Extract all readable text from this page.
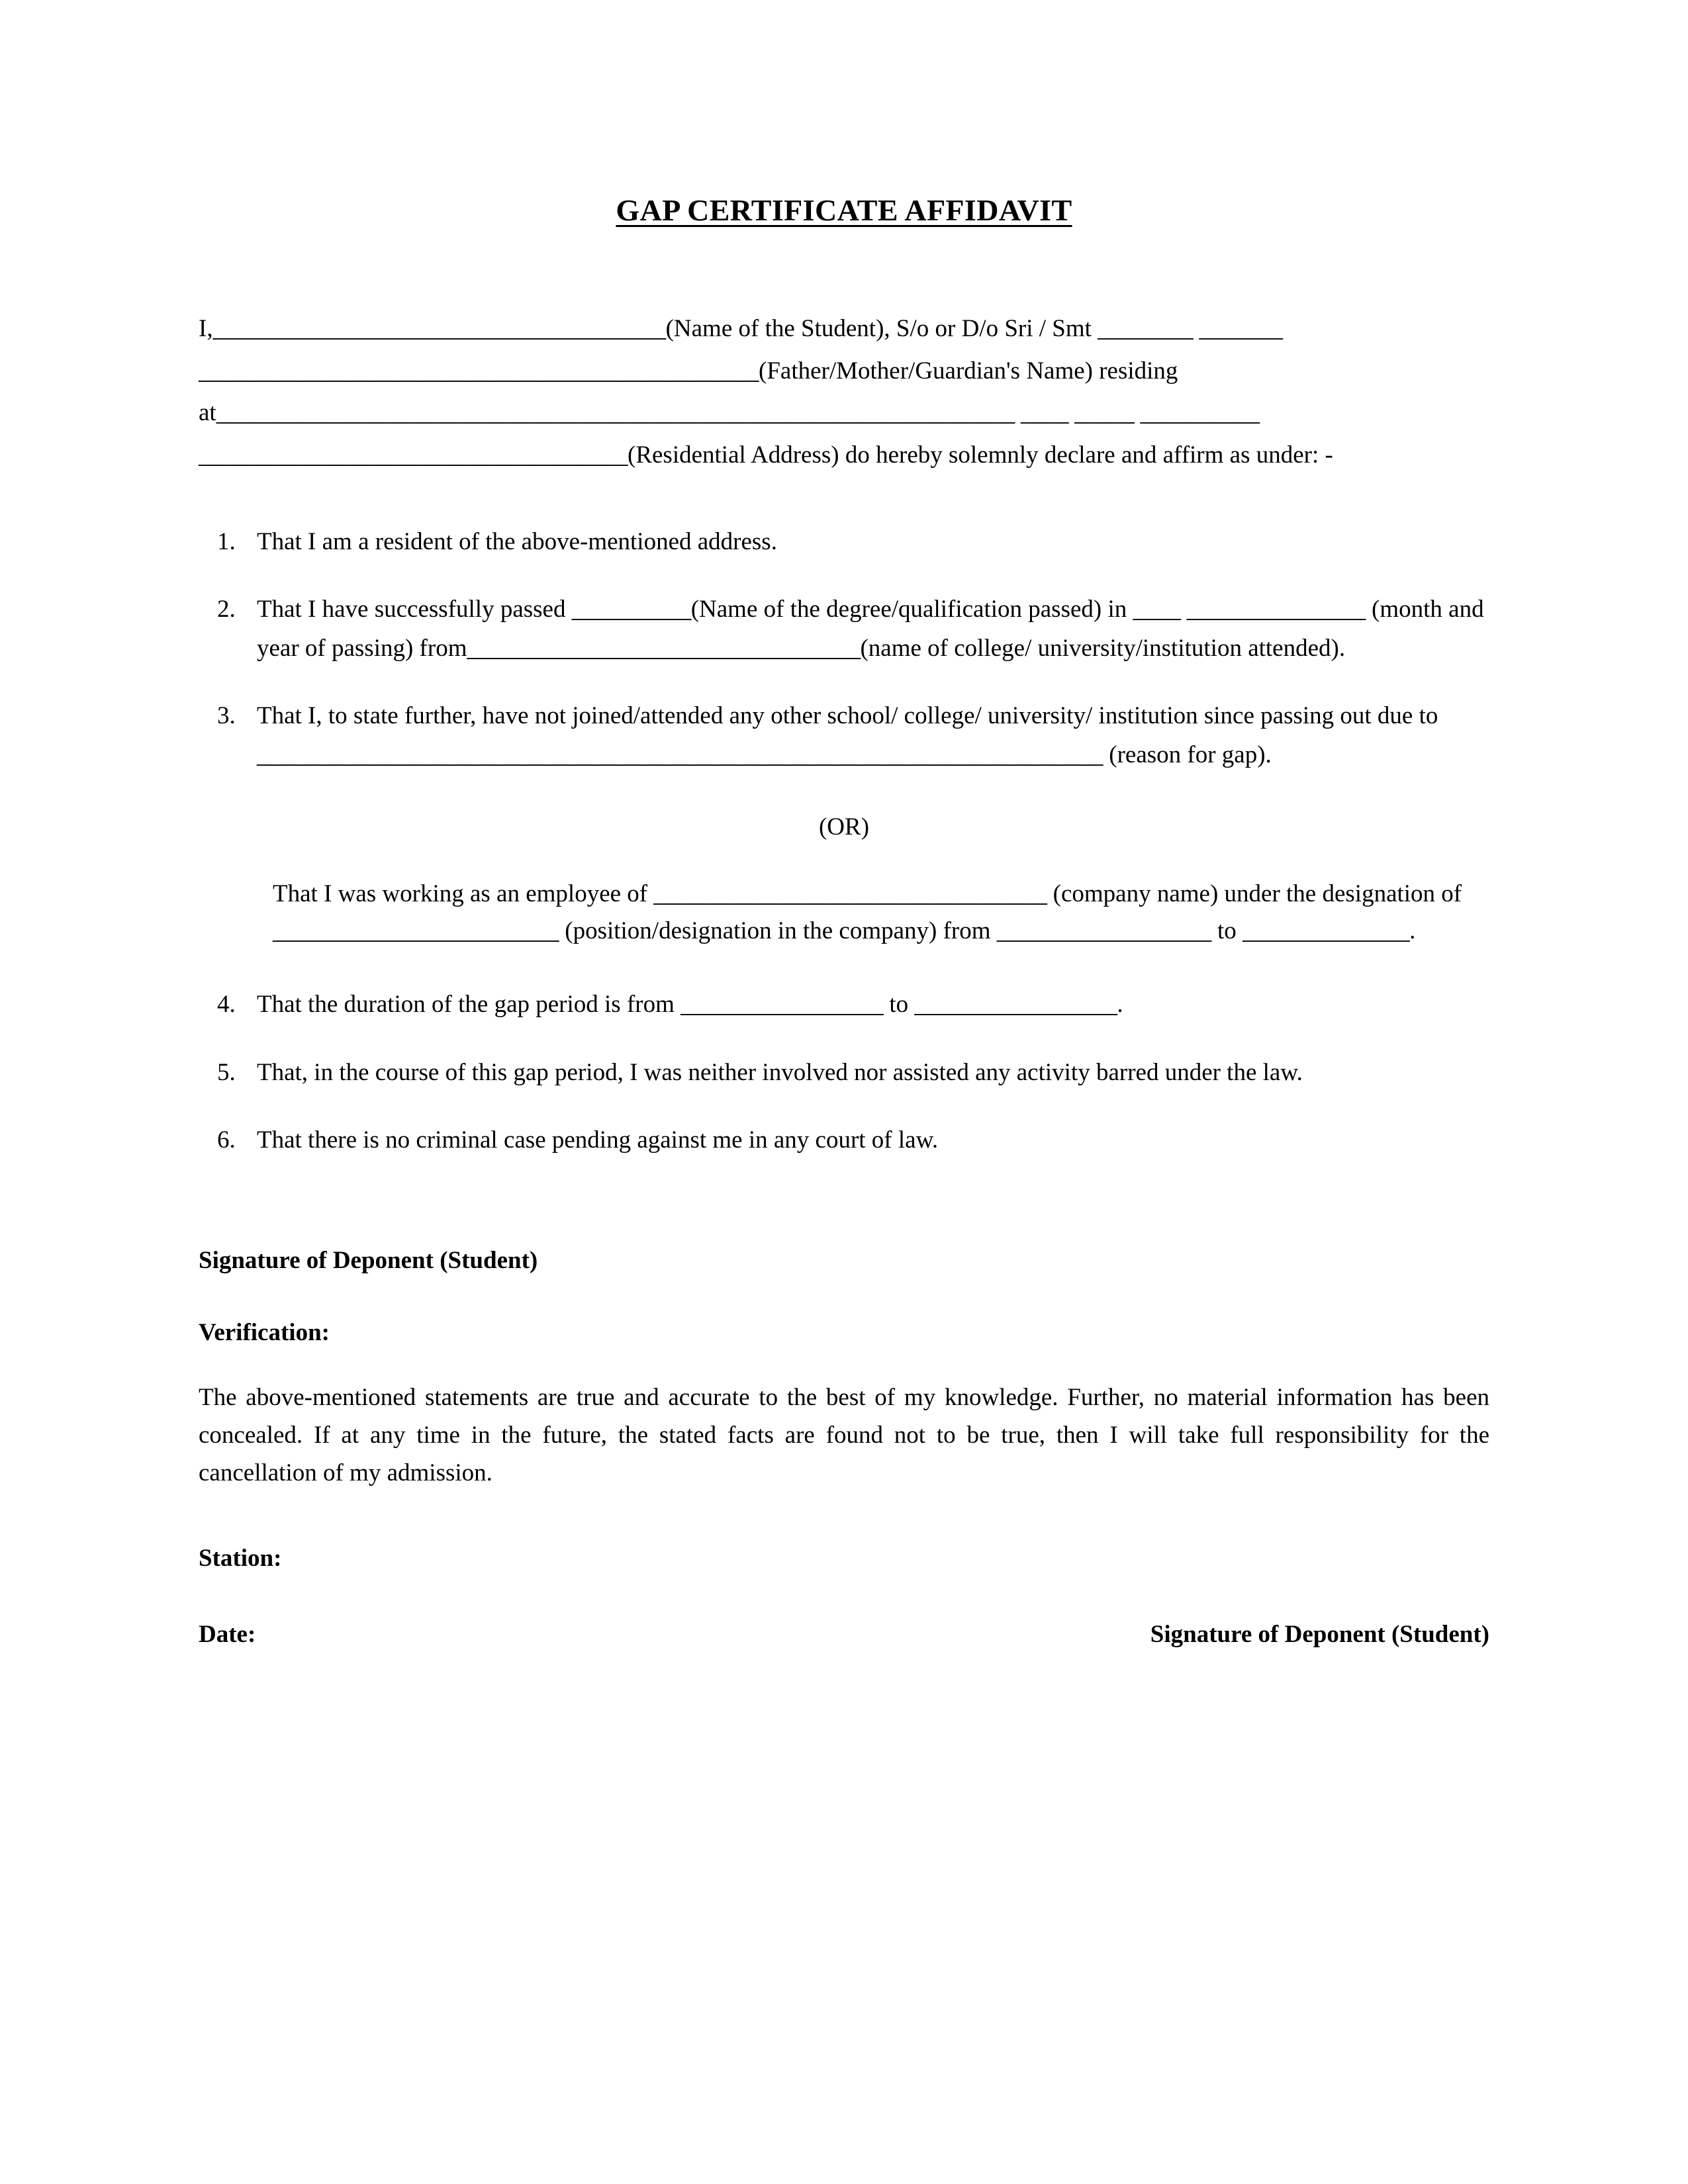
GAP CERTIFICATE AFFIDAVIT
I,______________________________________(Name of the Student), S/o or D/o Sri / Smt ________ _______ _______________________________________________(Father/Mother/Guardian's Name) residing at___________________________________________________________________ ____ _____ __________ ____________________________________(Residential Address) do hereby solemnly declare and affirm as under: -
1. That I am a resident of the above-mentioned address.
2. That I have successfully passed __________(Name of the degree/qualification passed) in ____ _______________ (month and year of passing) from_________________________________(name of college/ university/institution attended).
3. That I, to state further, have not joined/attended any other school/ college/ university/ institution since passing out due to _______________________________________________________________________ (reason for gap).
(OR)
That I was working as an employee of _________________________________ (company name) under the designation of ________________________ (position/designation in the company) from __________________ to ______________.
4. That the duration of the gap period is from _________________ to _________________.
5. That, in the course of this gap period, I was neither involved nor assisted any activity barred under the law.
6. That there is no criminal case pending against me in any court of law.
Signature of Deponent (Student)
Verification:
The above-mentioned statements are true and accurate to the best of my knowledge. Further, no material information has been concealed. If at any time in the future, the stated facts are found not to be true, then I will take full responsibility for the cancellation of my admission.
Station:
Date:	Signature of Deponent (Student)
